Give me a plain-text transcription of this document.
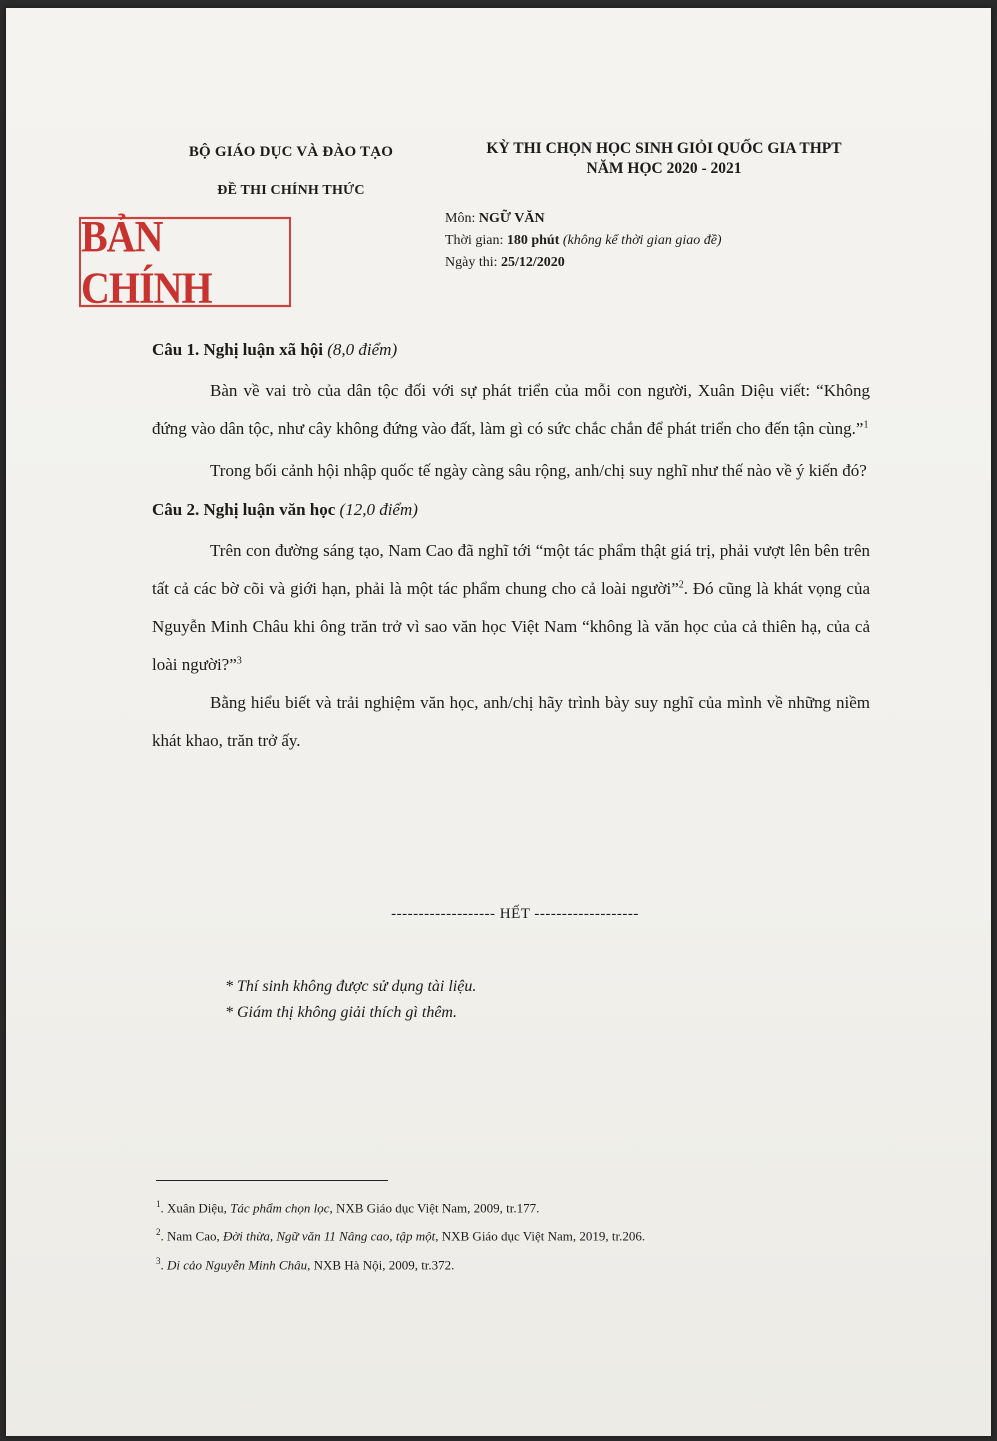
BỘ GIÁO DỤC VÀ ĐÀO TẠO
ĐỀ THI CHÍNH THỨC
KỲ THI CHỌN HỌC SINH GIỎI QUỐC GIA THPT
NĂM HỌC 2020 - 2021
BẢN CHÍNH
Môn: NGỮ VĂN
Thời gian: 180 phút (không kể thời gian giao đề)
Ngày thi: 25/12/2020

Câu 1. Nghị luận xã hội (8,0 điểm)

Bàn về vai trò của dân tộc đối với sự phát triển của mỗi con người, Xuân Diệu viết: “Không đứng vào dân tộc, như cây không đứng vào đất, làm gì có sức chắc chắn để phát triển cho đến tận cùng.”$^1$

Trong bối cảnh hội nhập quốc tế ngày càng sâu rộng, anh/chị suy nghĩ như thế nào về ý kiến đó?

Câu 2. Nghị luận văn học (12,0 điểm)

Trên con đường sáng tạo, Nam Cao đã nghĩ tới “một tác phẩm thật giá trị, phải vượt lên bên trên tất cả các bờ cõi và giới hạn, phải là một tác phẩm chung cho cả loài người”$^2$. Đó cũng là khát vọng của Nguyễn Minh Châu khi ông trăn trở vì sao văn học Việt Nam “không là văn học của cả thiên hạ, của cả loài người?”$^3$

Bằng hiểu biết và trải nghiệm văn học, anh/chị hãy trình bày suy nghĩ của mình về những niềm khát khao, trăn trở ấy.

------------------- HẾT -------------------
* Thí sinh không được sử dụng tài liệu.
* Giám thị không giải thích gì thêm.
$^1$. Xuân Diệu, Tác phẩm chọn lọc, NXB Giáo dục Việt Nam, 2009, tr.177.
$^2$. Nam Cao, Đời thừa, Ngữ văn 11 Nâng cao, tập một, NXB Giáo dục Việt Nam, 2019, tr.206.
$^3$. Di cảo Nguyễn Minh Châu, NXB Hà Nội, 2009, tr.372.
